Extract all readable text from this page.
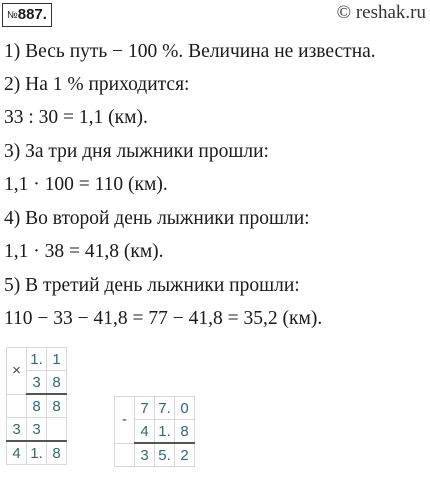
№887.	© reshak.ru
1) Весь путь − 100 %. Величина не известна.
2) На 1 % приходится:
33 : 30 = 1,1 (км).
3) За три дня лыжники прошли:
1,1 · 100 = 110 (км).
4) Во второй день лыжники прошли:
1,1 · 38 = 41,8 (км).
5) В третий день лыжники прошли:
110 − 33 − 41,8 = 77 − 41,8 = 35,2 (км).
×	1.	1
	3	8
	8	8
3	3	
4	1.	8
-	7	7.	0
	4	1.	8
	3	5.	2
